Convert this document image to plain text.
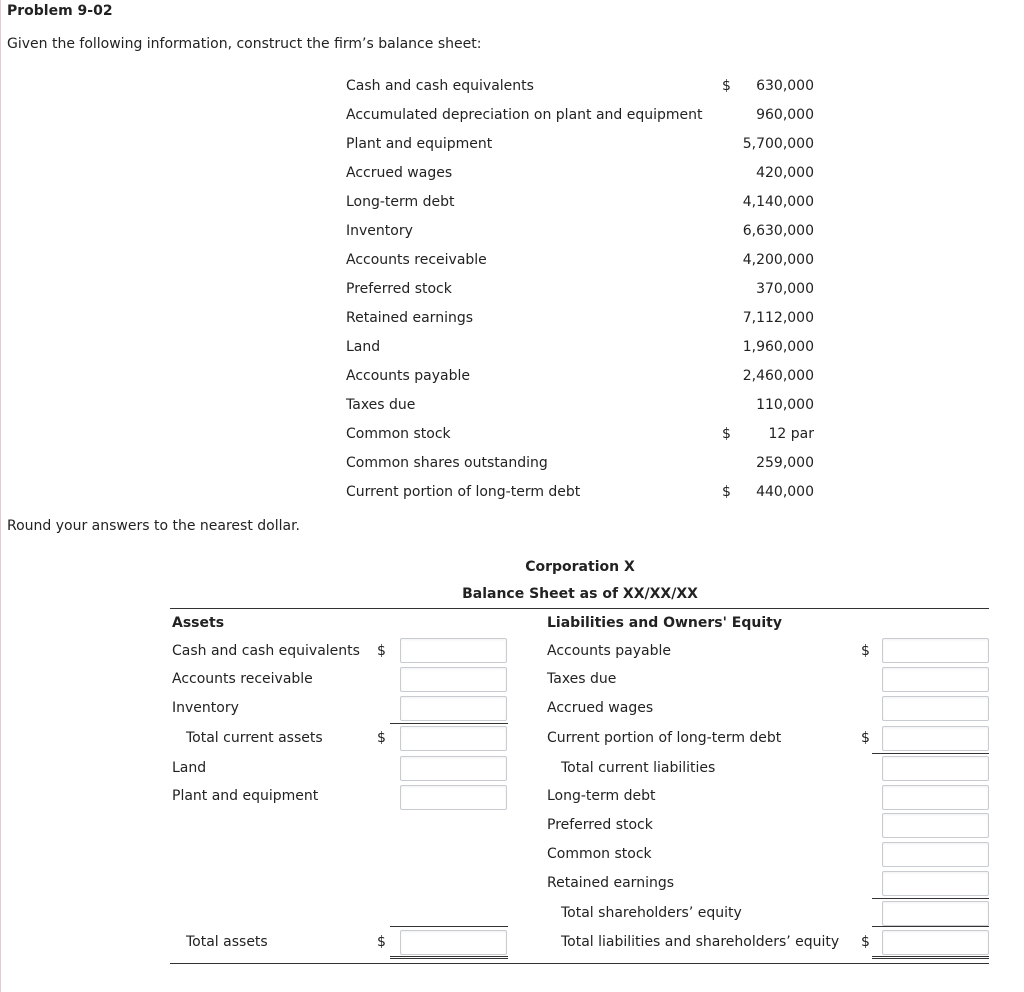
Problem 9-02
Given the following information, construct the firm’s balance sheet:
Cash and cash equivalents	$	630,000
Accumulated depreciation on plant and equipment	960,000
Plant and equipment	5,700,000
Accrued wages	420,000
Long-term debt	4,140,000
Inventory	6,630,000
Accounts receivable	4,200,000
Preferred stock	370,000
Retained earnings	7,112,000
Land	1,960,000
Accounts payable	2,460,000
Taxes due	110,000
Common stock	$	12 par
Common shares outstanding	259,000
Current portion of long-term debt	$	440,000
Round your answers to the nearest dollar.
Corporation X
Balance Sheet as of XX/XX/XX
Assets
Cash and cash equivalents $
Accounts receivable
Inventory
Total current assets	$
Land
Plant and equipment
Total assets	$
Liabilities and Owners' Equity
Accounts payable	$
Taxes due
Accrued wages
Current portion of long-term debt	$
Total current liabilities
Long-term debt
Preferred stock
Common stock
Retained earnings
Total shareholders’ equity
Total liabilities and shareholders’ equity $
